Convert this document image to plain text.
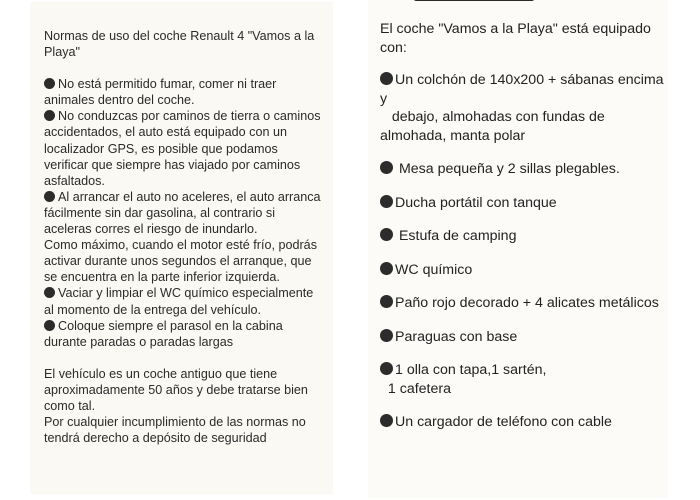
Normas de uso del coche Renault 4 "Vamos a la Playa"

No está permitido fumar, comer ni traer animales dentro del coche.

No conduzcas por caminos de tierra o caminos accidentados, el auto está equipado con un localizador GPS, es posible que podamos verificar que siempre has viajado por caminos asfaltados.

Al arrancar el auto no aceleres, el auto arranca fácilmente sin dar gasolina, al contrario si aceleras corres el riesgo de inundarlo.

Como máximo, cuando el motor esté frío, podrás activar durante unos segundos el arranque, que se encuentra en la parte inferior izquierda.

Vaciar y limpiar el WC químico especialmente al momento de la entrega del vehículo.

Coloque siempre el parasol en la cabina durante paradas o paradas largas

El vehículo es un coche antiguo que tiene aproximadamente 50 años y debe tratarse bien como tal.

Por cualquier incumplimiento de las normas no tendrá derecho a depósito de seguridad

El coche "Vamos a la Playa" está equipado con:

Un colchón de 140x200 + sábanas encima y
debajo, almohadas con fundas de almohada, manta polar

Mesa pequeña y 2 sillas plegables.

Ducha portátil con tanque

Estufa de camping

WC químico

Paño rojo decorado + 4 alicates metálicos

Paraguas con base

1 olla con tapa,1 sartén,
1 cafetera

Un cargador de teléfono con cable
